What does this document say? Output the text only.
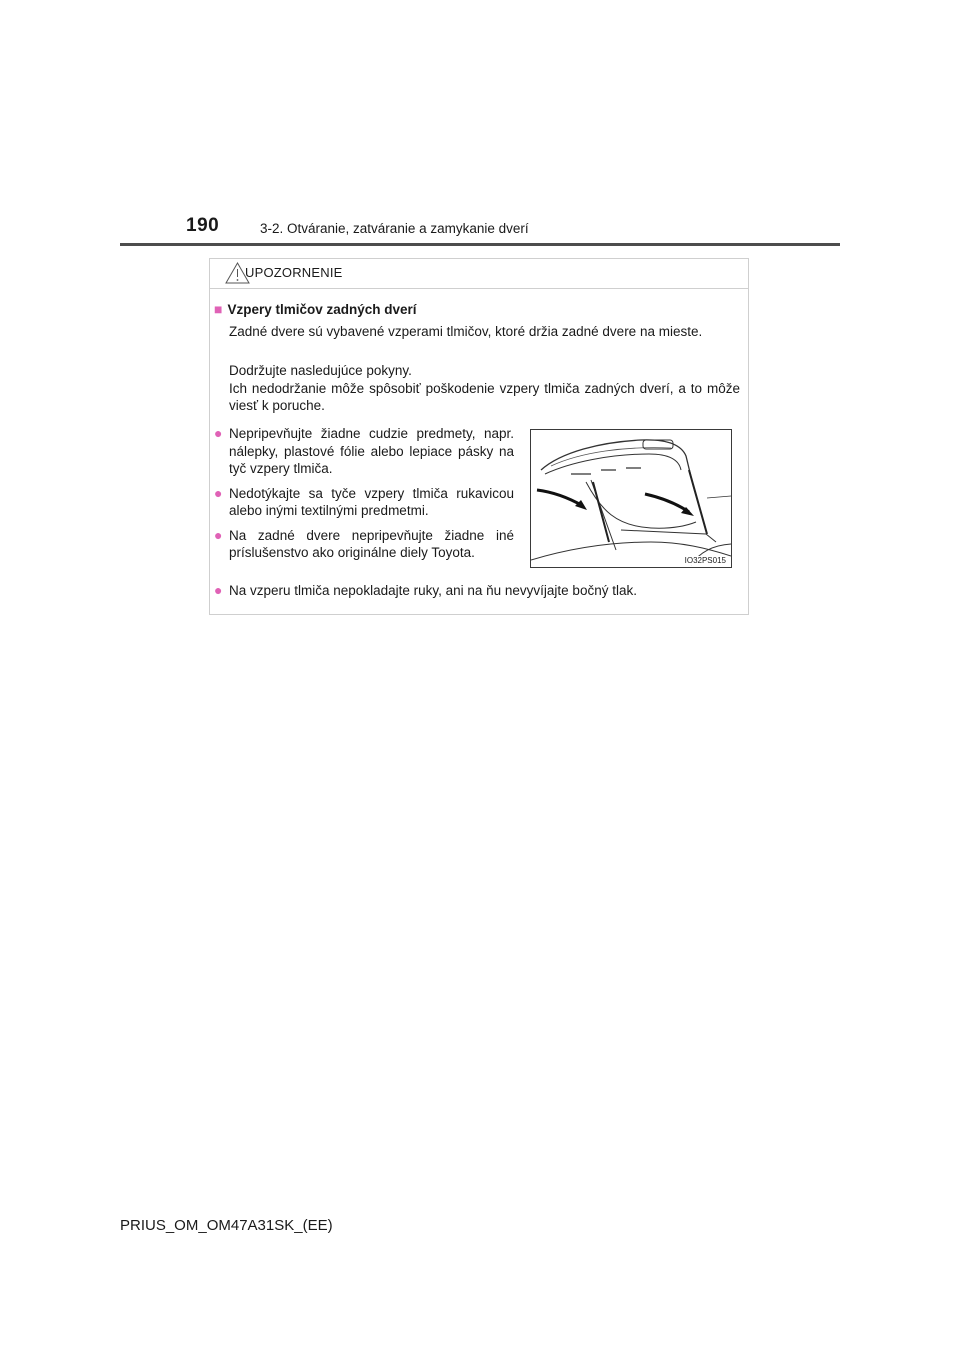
190	3-2. Otváranie, zatváranie a zamykanie dverí
UPOZORNENIE
■ Vzpery tlmičov zadných dverí
Zadné dvere sú vybavené vzperami tlmičov, ktoré držia zadné dvere na mieste.
Dodržujte nasledujúce pokyny.
Ich nedodržanie môže spôsobiť poškodenie vzpery tlmiča zadných dverí, a to môže viesť k poruche.
● Nepripevňujte žiadne cudzie predmety, napr. nálepky, plastové fólie alebo lepiace pásky na tyč vzpery tlmiča.
● Nedotýkajte sa tyče vzpery tlmiča rukavicou alebo inými textilnými predmetmi.
● Na zadné dvere nepripevňujte žiadne iné príslušenstvo ako originálne diely Toyota.
IO32PS015
● Na vzperu tlmiča nepokladajte ruky, ani na ňu nevyvíjajte bočný tlak.
PRIUS_OM_OM47A31SK_(EE)
